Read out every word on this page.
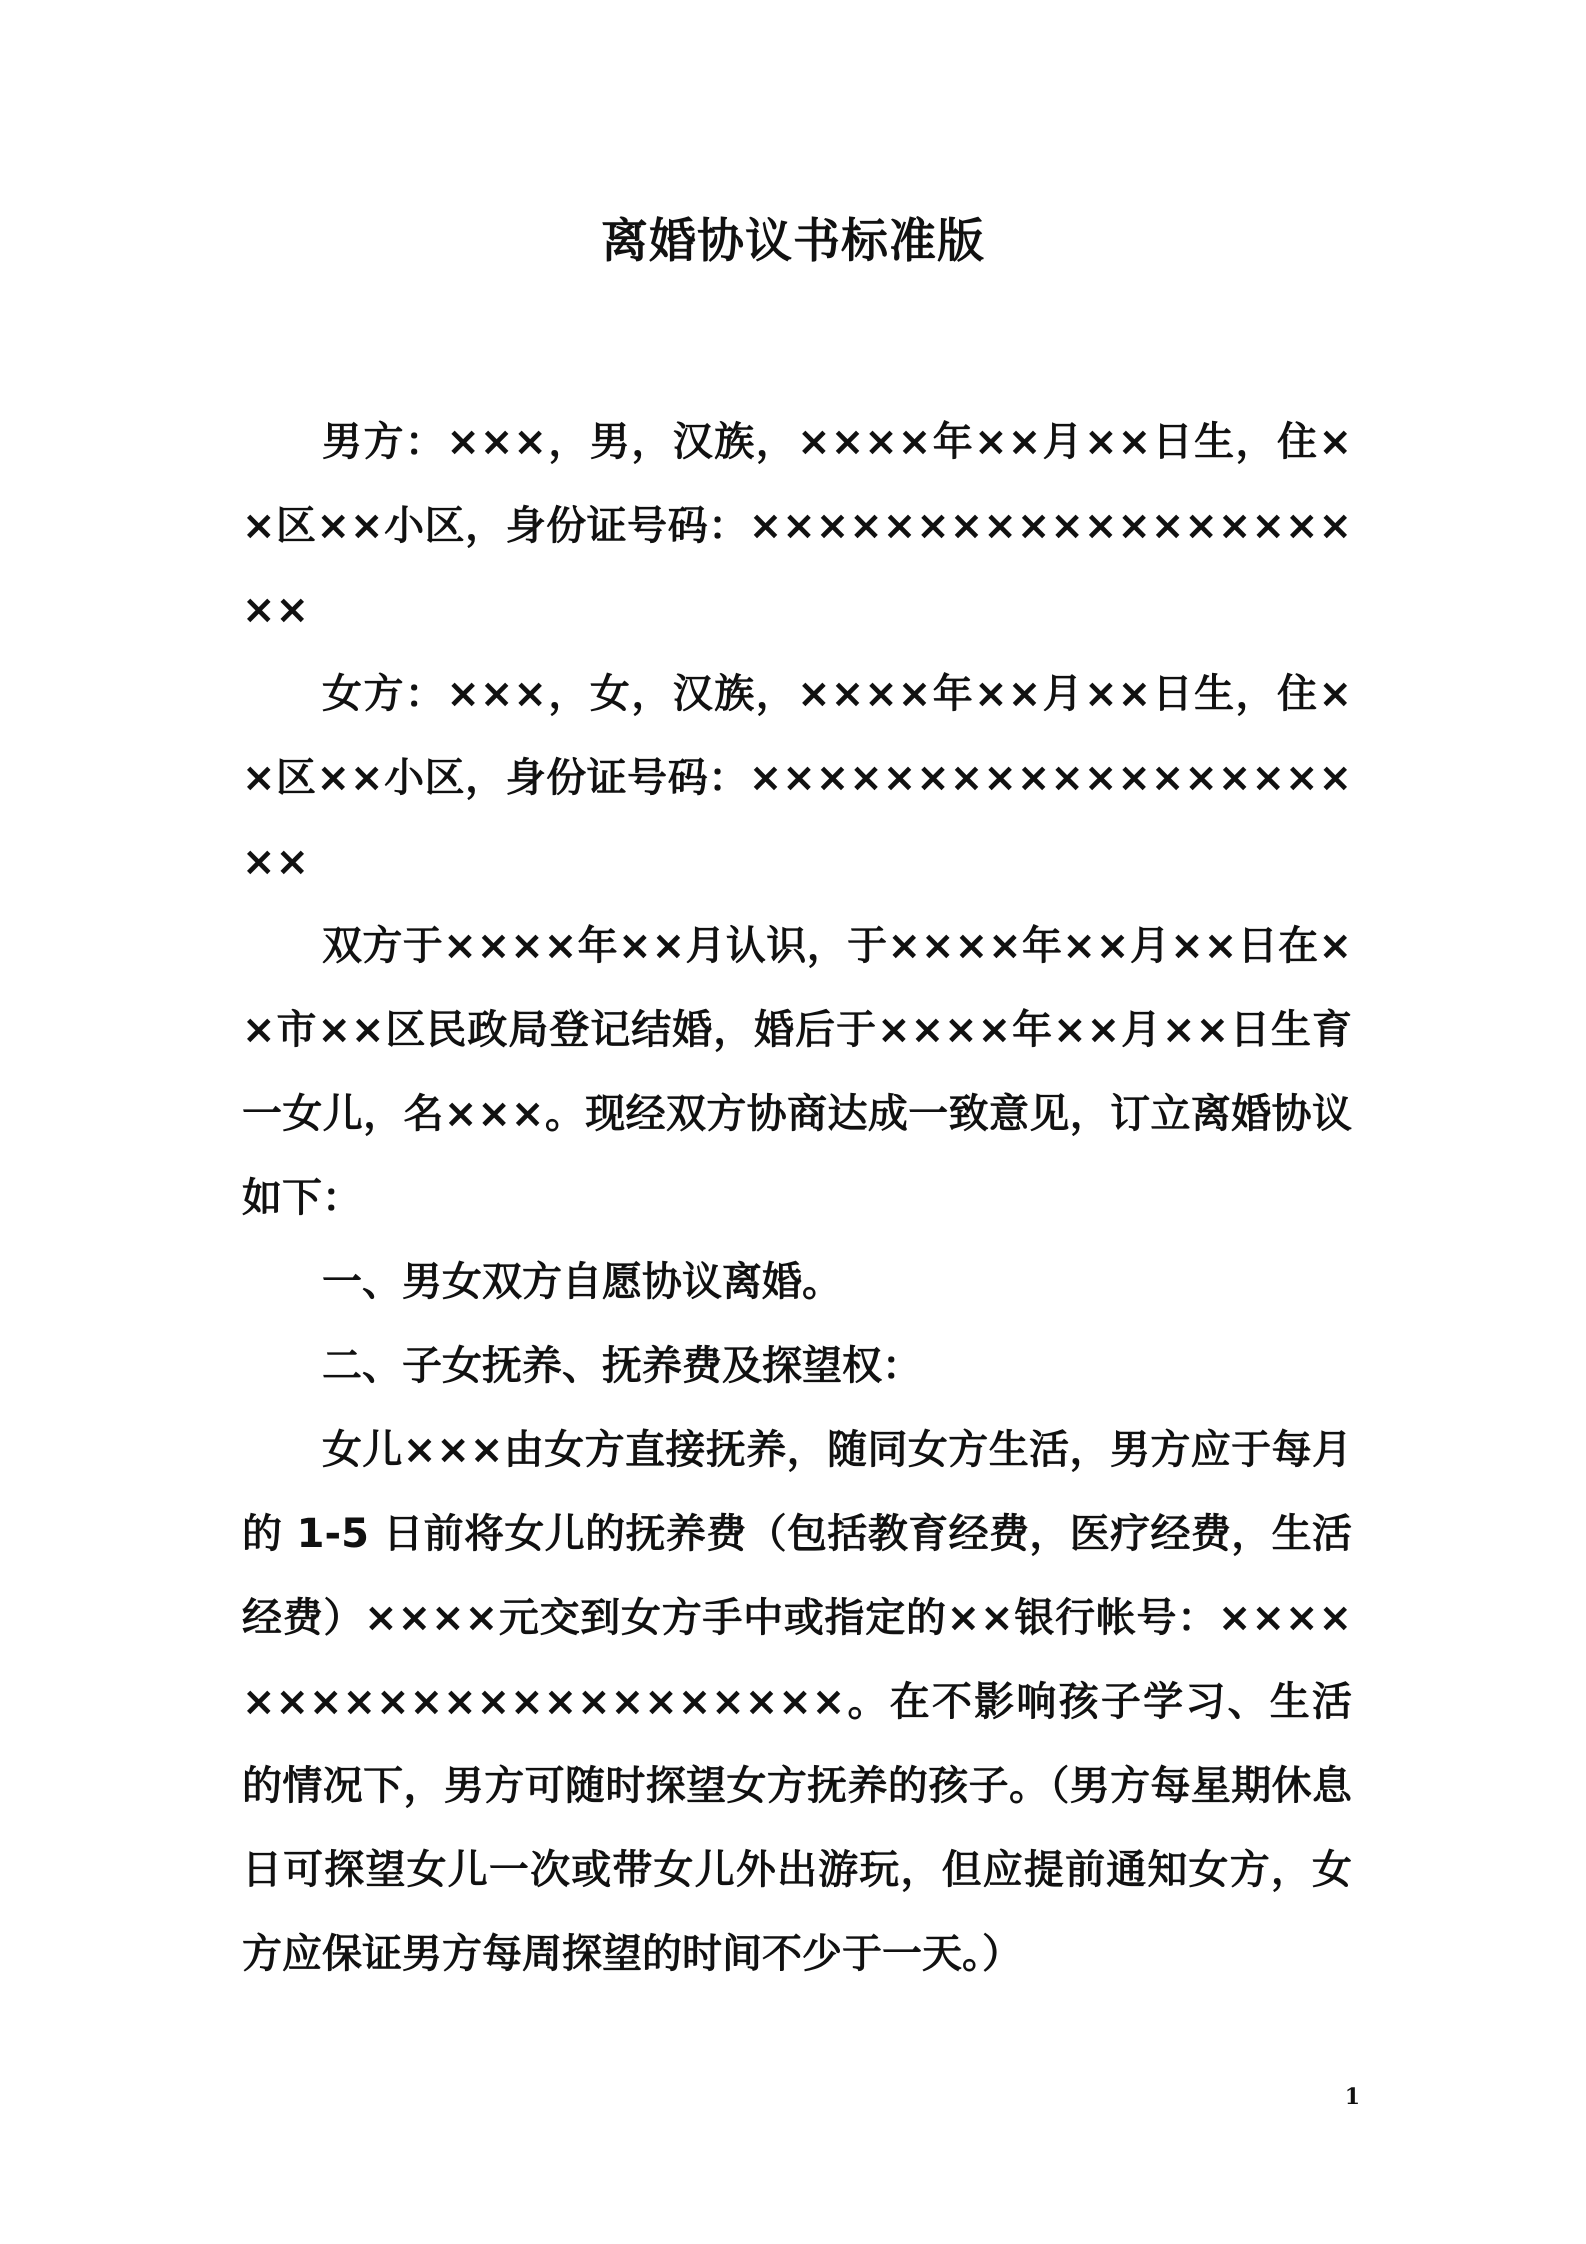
离婚协议书标准版

男方：×××，男，汉族，××××年××月××日生，住××区××小区，身份证号码：××××××××××××××××××××

女方：×××，女，汉族，××××年××月××日生，住××区××小区，身份证号码：××××××××××××××××××××

双方于××××年××月认识，于××××年××月××日在××市××区民政局登记结婚，婚后于××××年××月××日生育一女儿，名×××。现经双方协商达成一致意见，订立离婚协议如下：

一、男女双方自愿协议离婚。

二、子女抚养、抚养费及探望权：

女儿×××由女方直接抚养，随同女方生活，男方应于每月的 1-5 日前将女儿的抚养费（包括教育经费，医疗经费，生活经费）××××元交到女方手中或指定的××银行帐号：××××××××××××××××××××××。在不影响孩子学习、生活的情况下，男方可随时探望女方抚养的孩子。（男方每星期休息日可探望女儿一次或带女儿外出游玩，但应提前通知女方，女方应保证男方每周探望的时间不少于一天。）

1
